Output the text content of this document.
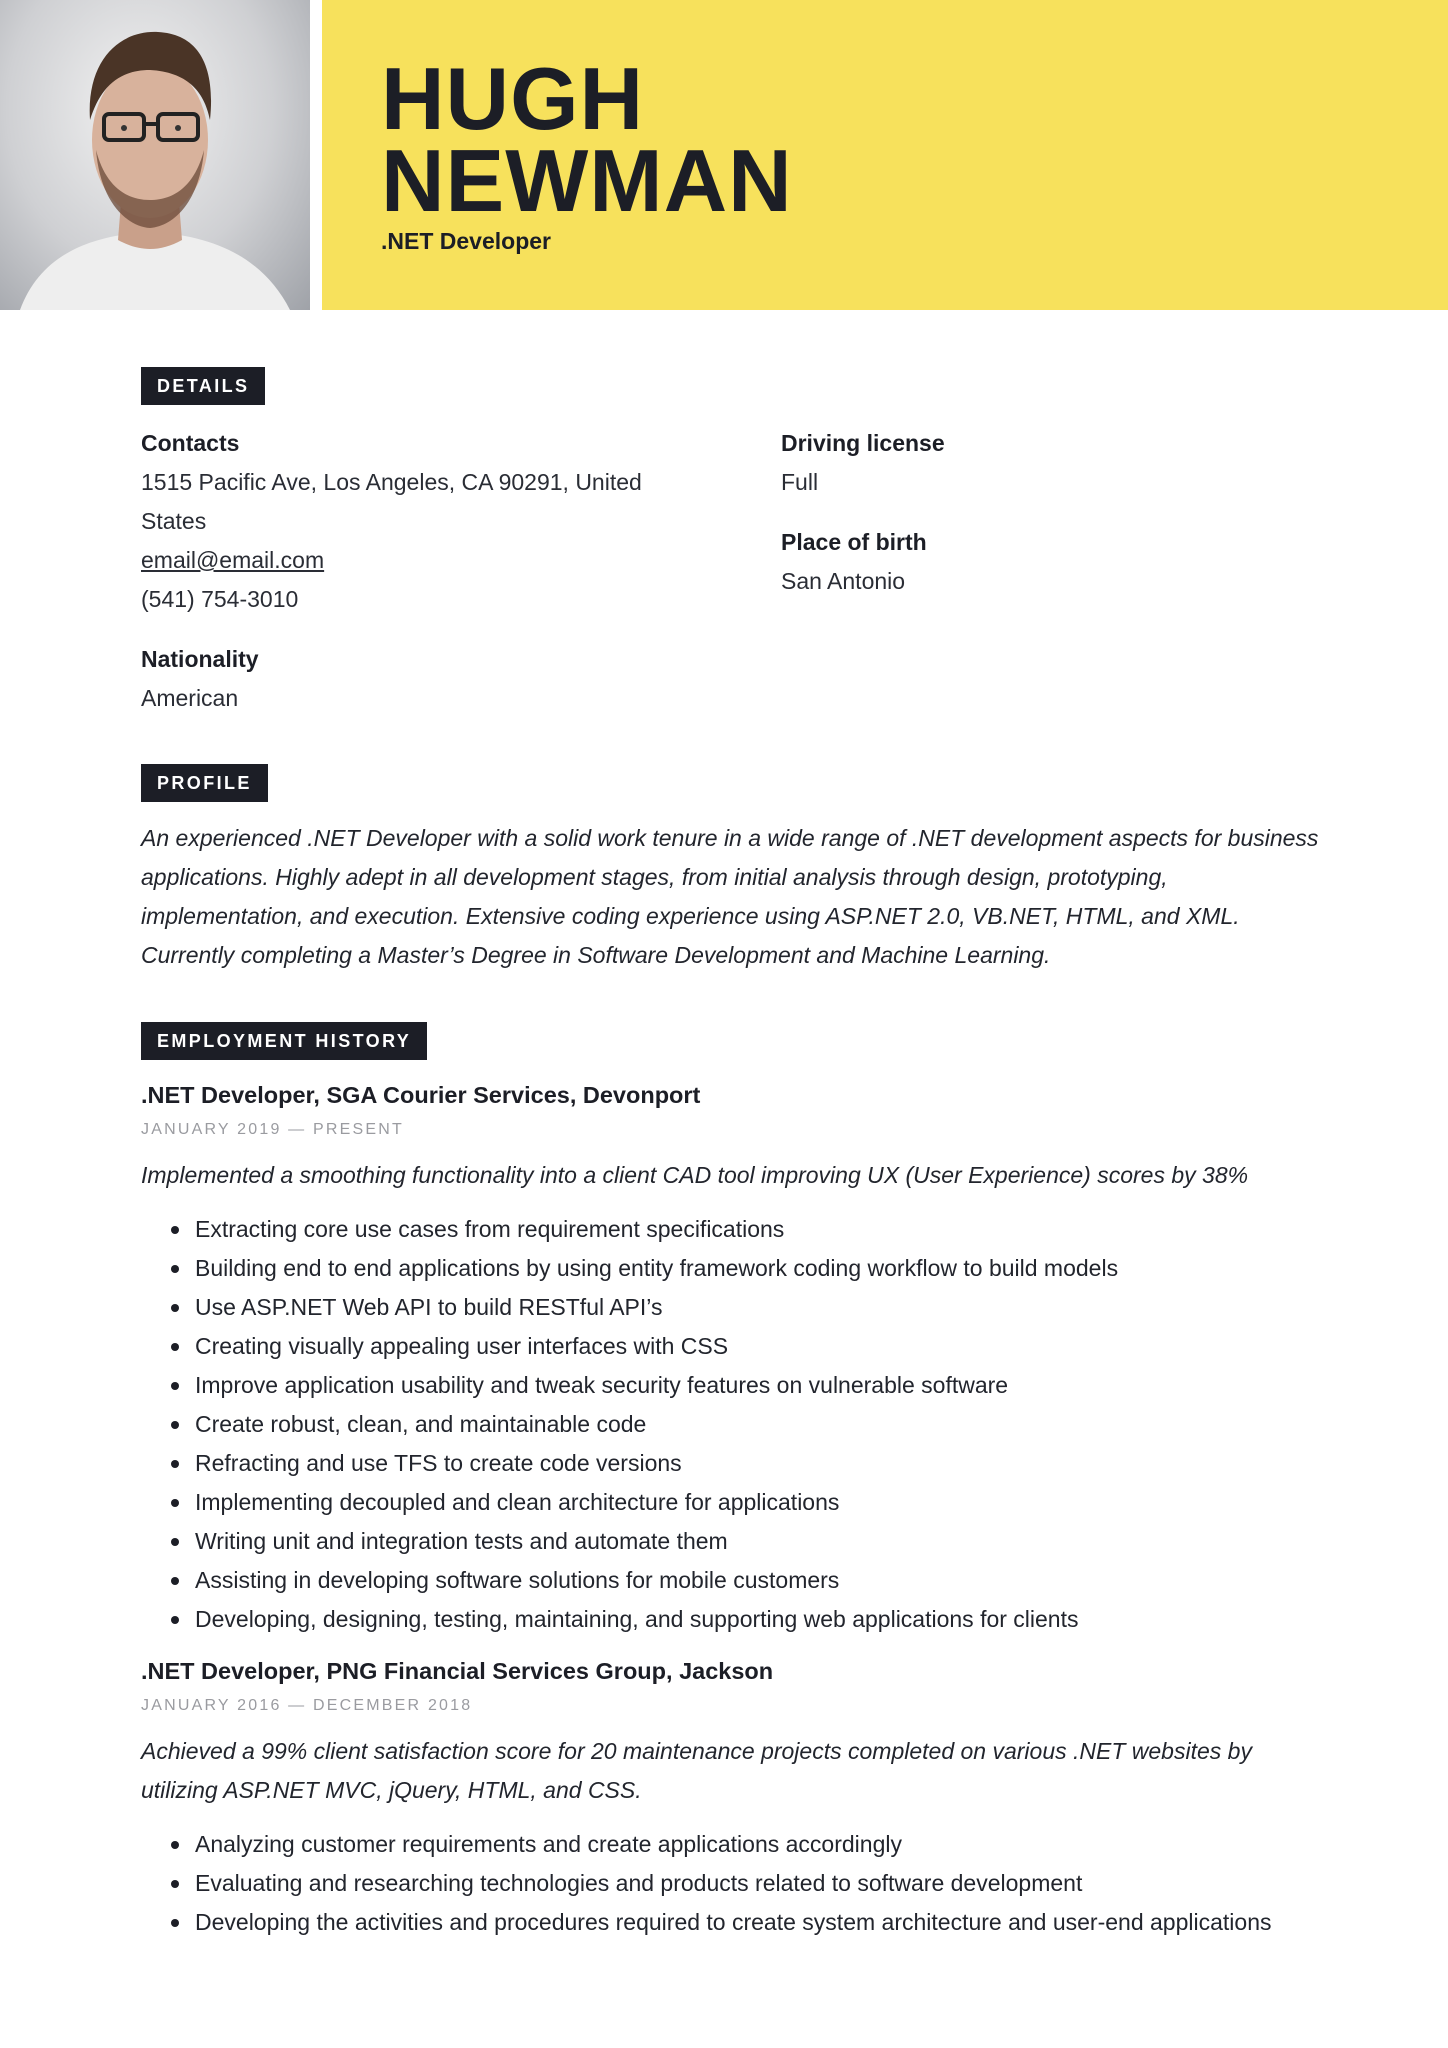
HUGH
NEWMAN
.NET Developer
DETAILS
Contacts
1515 Pacific Ave, Los Angeles, CA 90291, United
States
email@email.com
(541) 754-3010
Nationality
American
Driving license
Full
Place of birth
San Antonio
PROFILE
An experienced .NET Developer with a solid work tenure in a wide range of .NET development aspects for business applications. Highly adept in all development stages, from initial analysis through design, prototyping, implementation, and execution. Extensive coding experience using ASP.NET 2.0, VB.NET, HTML, and XML. Currently completing a Master’s Degree in Software Development and Machine Learning.
EMPLOYMENT HISTORY
.NET Developer, SGA Courier Services, Devonport
JANUARY 2019 — PRESENT
Implemented a smoothing functionality into a client CAD tool improving UX (User Experience) scores by 38%
Extracting core use cases from requirement specifications
Building end to end applications by using entity framework coding workflow to build models
Use ASP.NET Web API to build RESTful API’s
Creating visually appealing user interfaces with CSS
Improve application usability and tweak security features on vulnerable software
Create robust, clean, and maintainable code
Refracting and use TFS to create code versions
Implementing decoupled and clean architecture for applications
Writing unit and integration tests and automate them
Assisting in developing software solutions for mobile customers
Developing, designing, testing, maintaining, and supporting web applications for clients
.NET Developer, PNG Financial Services Group, Jackson
JANUARY 2016 — DECEMBER 2018
Achieved a 99% client satisfaction score for 20 maintenance projects completed on various .NET websites by utilizing ASP.NET MVC, jQuery, HTML, and CSS.
Analyzing customer requirements and create applications accordingly
Evaluating and researching technologies and products related to software development
Developing the activities and procedures required to create system architecture and user-end applications
